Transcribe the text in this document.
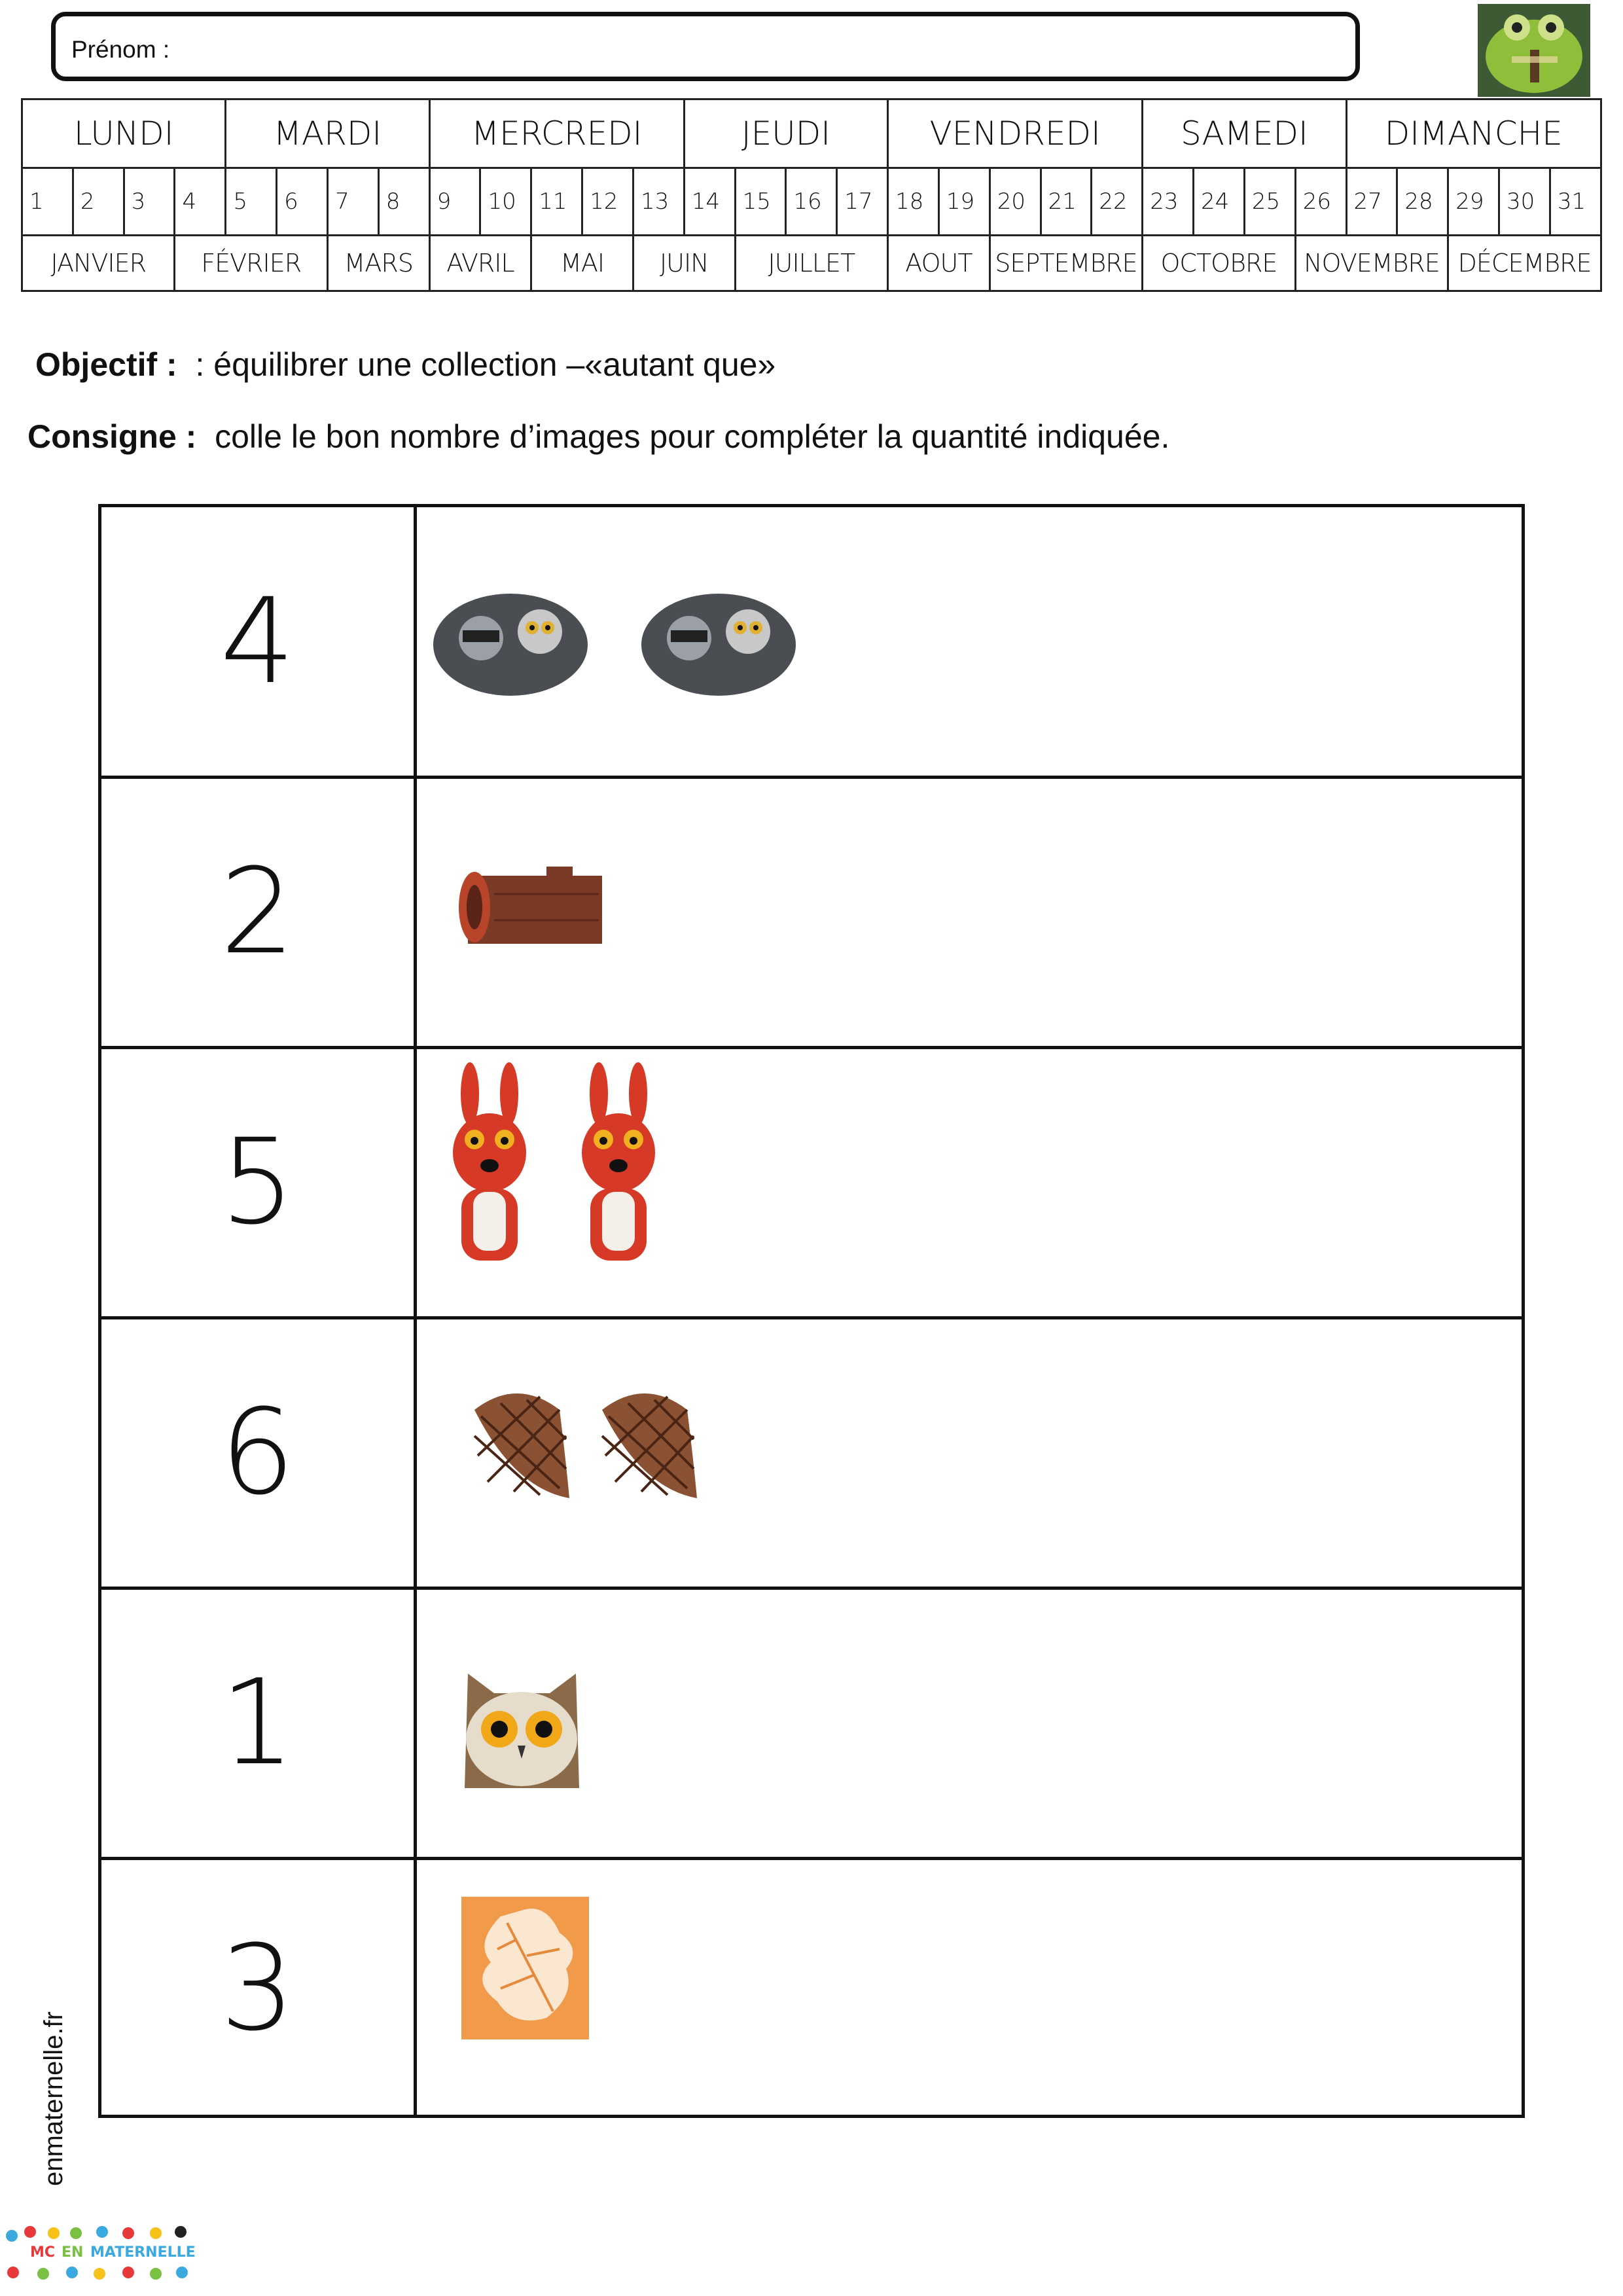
Prénom :
LUNDI				MARDI				MERCREDI					JEUDI				VENDREDI					SAMEDI				DIMANCHE				
1	2	3	4	5	6	7	8	9	10	11	12	13	14	15	16	17	18	19	20	21	22	23	24	25	26	27	28	29	30	31
JANVIER			FÉVRIER			MARS		AVRIL		MAI		JUIN		JUILLET			AOUT		SEPTEMBRE			OCTOBRE			NOVEMBRE			DÉCEMBRE		
Objectif : : équilibrer une collection –«autant que»
Consigne : colle le bon nombre d’images pour compléter la quantité indiquée.
4
2
5
6
1
3
enmaternelle.fr
MC EN MATERNELLE
